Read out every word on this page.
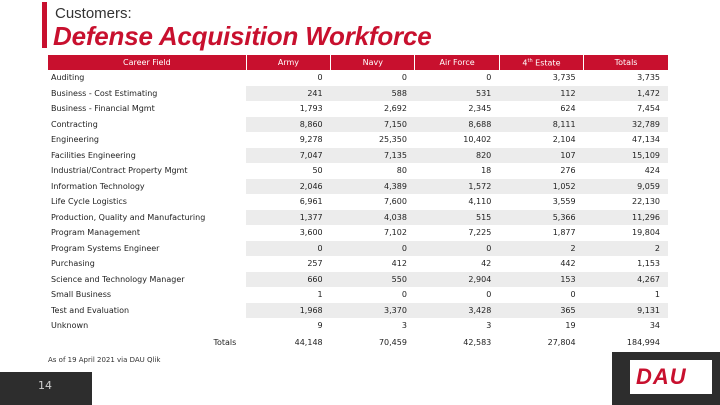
Customers:
Defense Acquisition Workforce
Career Field	Army	Navy	Air Force	4th Estate	Totals
Auditing	0	0	0	3,735	3,735
Business - Cost Estimating	241	588	531	112	1,472
Business - Financial Mgmt	1,793	2,692	2,345	624	7,454
Contracting	8,860	7,150	8,688	8,111	32,789
Engineering	9,278	25,350	10,402	2,104	47,134
Facilities Engineering	7,047	7,135	820	107	15,109
Industrial/Contract Property Mgmt	50	80	18	276	424
Information Technology	2,046	4,389	1,572	1,052	9,059
Life Cycle Logistics	6,961	7,600	4,110	3,559	22,130
Production, Quality and Manufacturing	1,377	4,038	515	5,366	11,296
Program Management	3,600	7,102	7,225	1,877	19,804
Program Systems Engineer	0	0	0	2	2
Purchasing	257	412	42	442	1,153
Science and Technology Manager	660	550	2,904	153	4,267
Small Business	1	0	0	0	1
Test and Evaluation	1,968	3,370	3,428	365	9,131
Unknown	9	3	3	19	34
Totals	44,148	70,459	42,583	27,804	184,994
As of 19 April 2021 via DAU Qlik
14	DAU
